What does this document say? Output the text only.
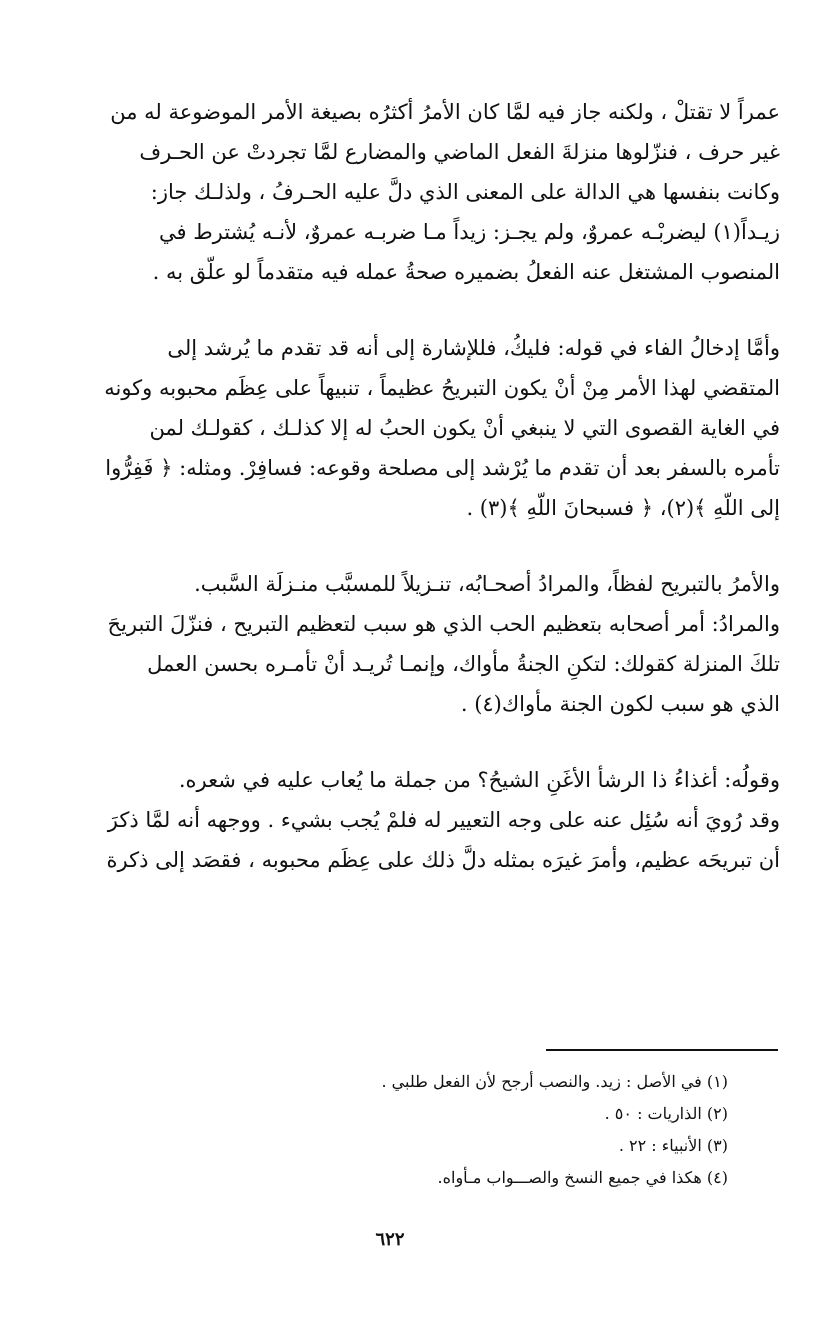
عمراً لا تقتلْ ، ولكنه جاز فيه لمَّا كان الأمرُ أكثرُه بصيغة الأمر الموضوعة له من
غير حرف ، فنزّلوها منزلةَ الفعل الماضي والمضارع لمَّا تجردتْ عن الحـرف
وكانت بنفسها هي الدالة على المعنى الذي دلَّ عليه الحـرفُ ، ولذلـك جاز:
زيـداً(١) ليضربْـه عمروٌ، ولم يجـز: زيداً مـا ضربـه عمروٌ، لأنـه يُشترط في
المنصوب المشتغل عنه الفعلُ بضميره صحةُ عمله فيه متقدماً لو علّق به .
وأمَّا إدخالُ الفاء في قوله: فليكُ، فللإشارة إلى أنه قد تقدم ما يُرشد إلى
المتقضي لهذا الأمر مِنْ أنْ يكون التبريحُ عظيماً ، تنبيهاً على عِظَم محبوبه وكونه
في الغاية القصوى التي لا ينبغي أنْ يكون الحبُ له إلا كذلـك ، كقولـك لمن
تأمره بالسفر بعد أن تقدم ما يُرْشد إلى مصلحة وقوعه: فسافِرْ. ومثله: ﴿ فَفِرُّوا
إلى اللّهِ ﴾(٢)، ﴿ فسبحانَ اللّهِ ﴾(٣) .
والأمرُ بالتبريح لفظاً، والمرادُ أصحـابُه، تنـزيلاً للمسبَّب منـزلَة السَّبب.
والمرادُ: أمر أصحابه بتعظيم الحب الذي هو سبب لتعظيم التبريح ، فنزّلَ التبريحَ
تلكَ المنزلة كقولك: لتكنِ الجنةُ مأواك، وإنمـا تُريـد أنْ تأمـره بحسن العمل
الذي هو سبب لكون الجنة مأواك(٤) .
وقولُه: أغذاءُ ذا الرشأ الأغَنِ الشيحُ؟ من جملة ما يُعاب عليه في شعره.
وقد رُويَ أنه سُئِل عنه على وجه التعيير له فلمْ يُجب بشيء . ووجهه أنه لمَّا ذكرَ
أن تبريحَه عظيم، وأمرَ غيرَه بمثله دلَّ ذلك على عِظَم محبوبه ، فقصَد إلى ذكرة
(١) في الأصل : زيد. والنصب أرجح لأن الفعل طلبي .
(٢) الذاريات : ٥٠ .
(٣) الأنبياء : ٢٢ .
(٤) هكذا في جميع النسخ والصـــواب مـأواه.
٦٢٢
